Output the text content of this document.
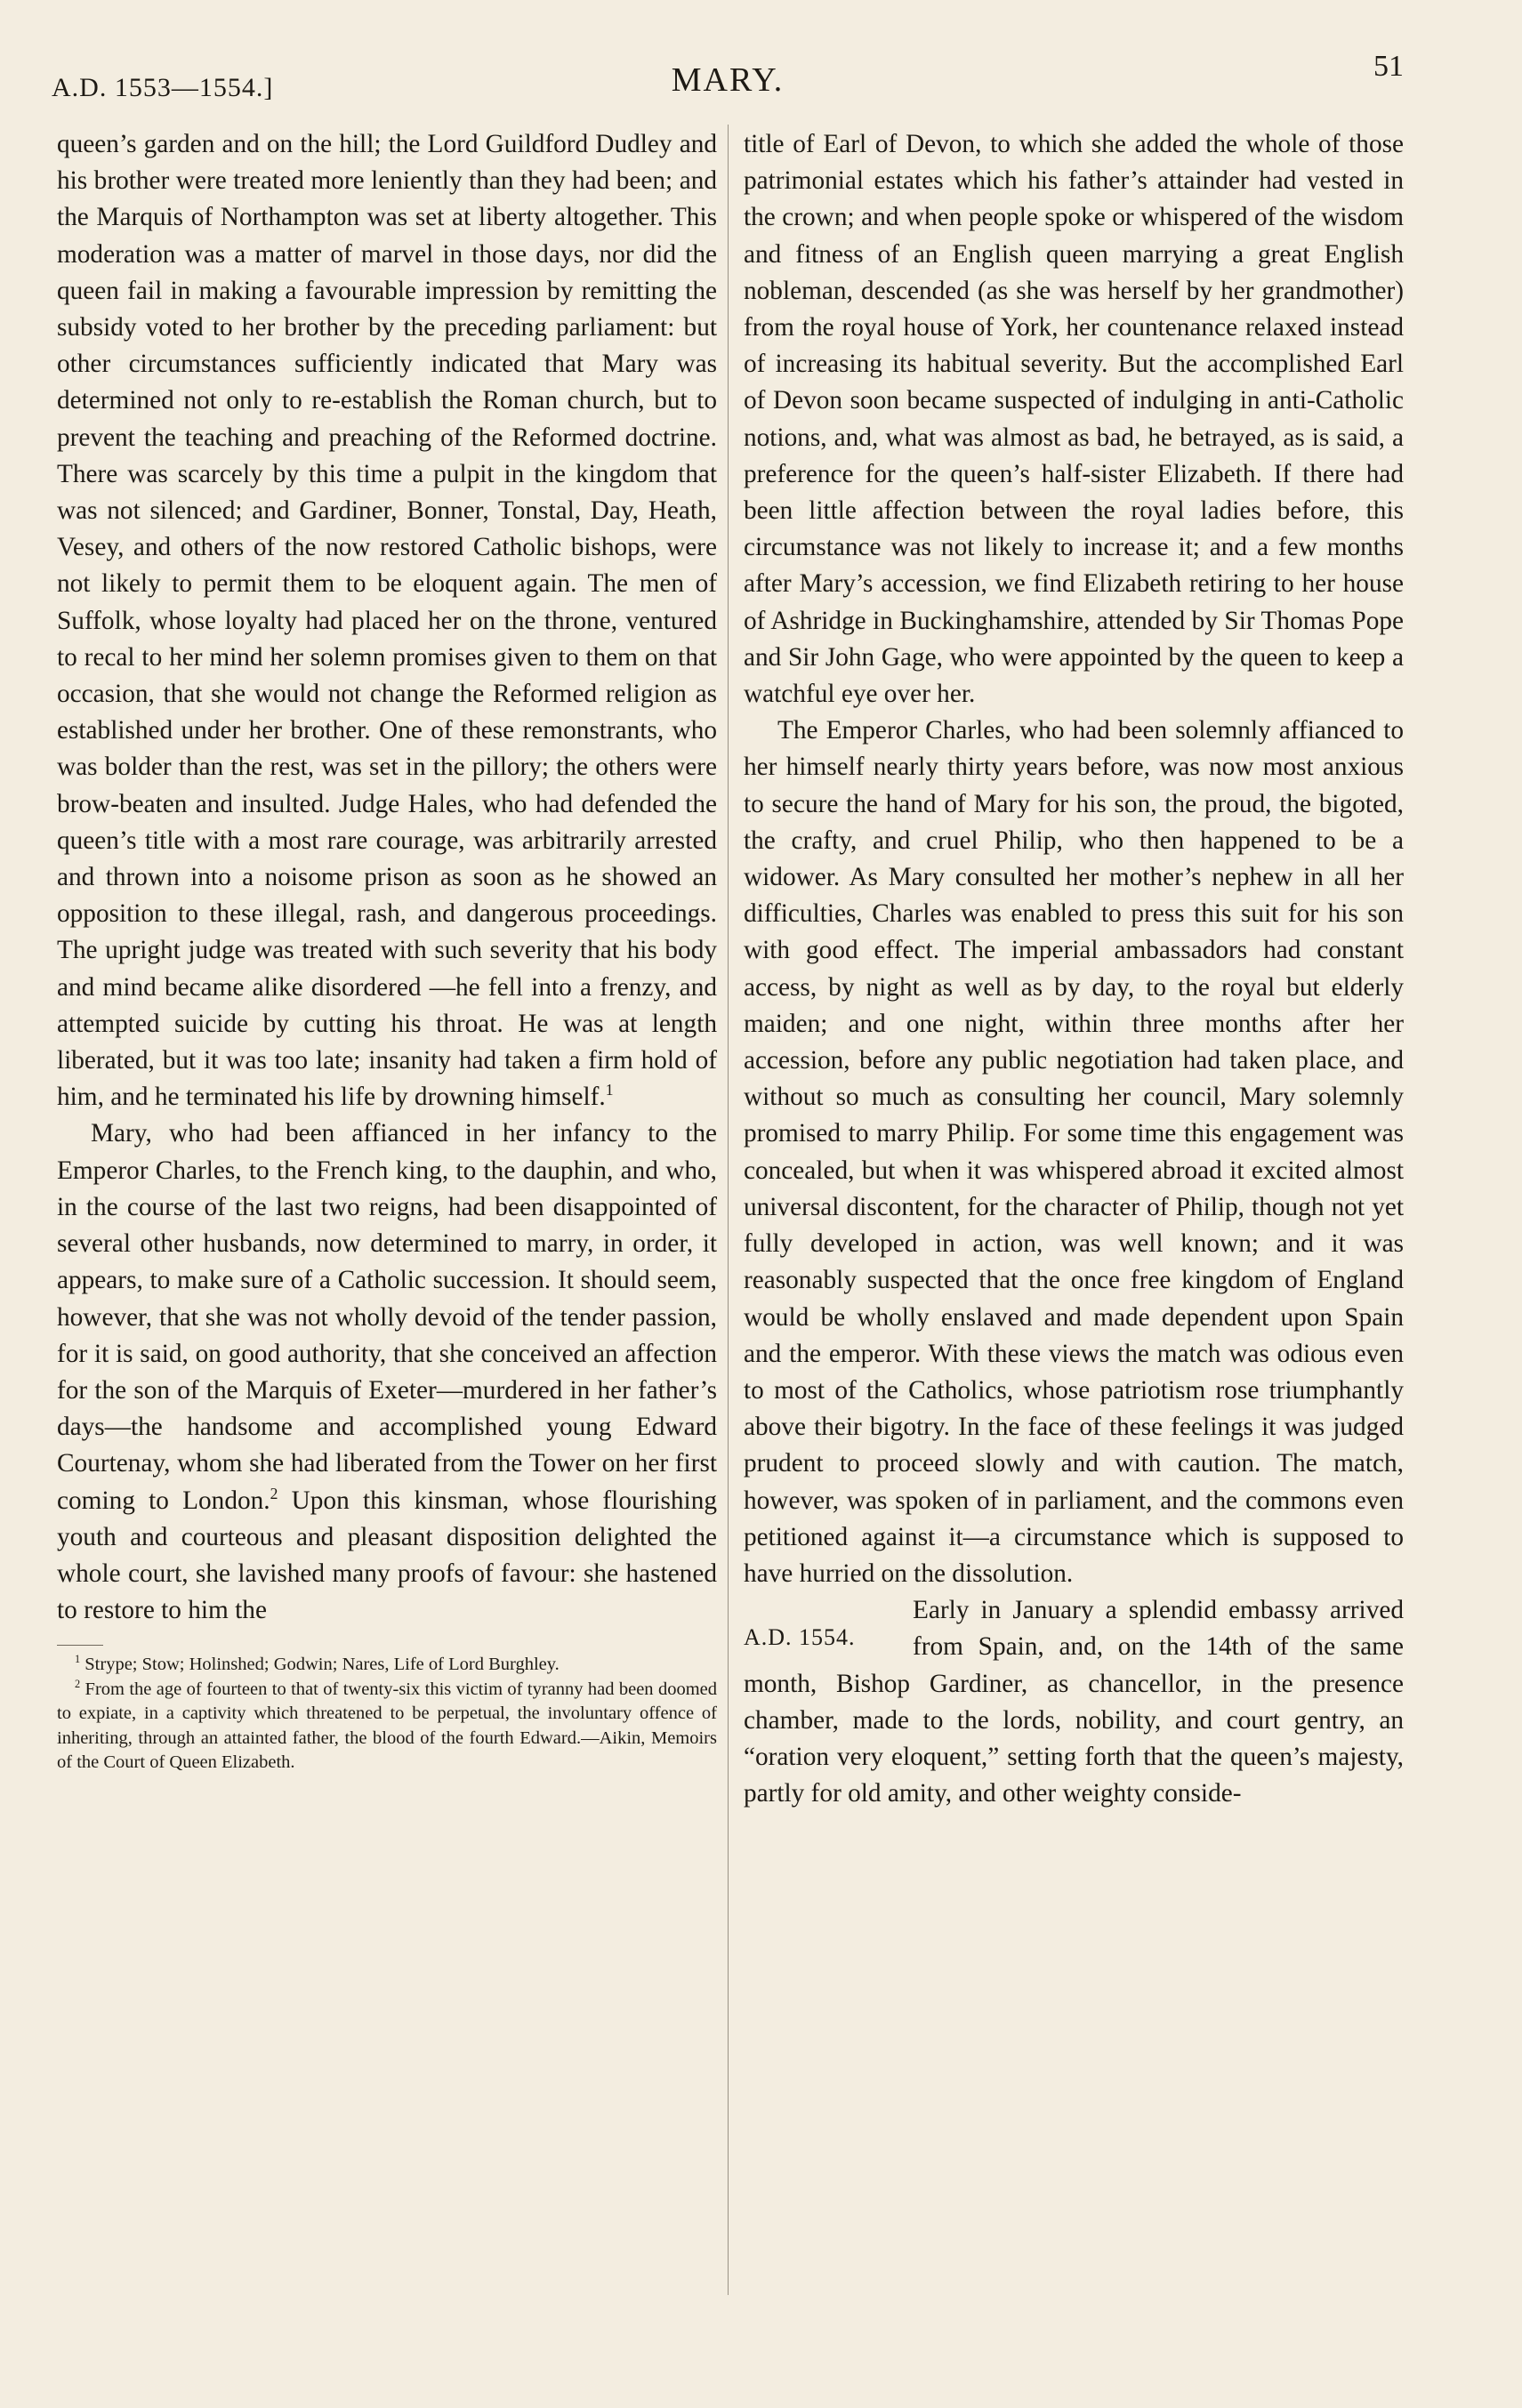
A.D. 1553—1554.]	MARY.	51

queen’s garden and on the hill; the Lord Guildford Dudley and his brother were treated more leniently than they had been; and the Marquis of Northampton was set at liberty altogether. This moderation was a matter of marvel in those days, nor did the queen fail in making a favourable impression by remitting the subsidy voted to her brother by the preceding parliament: but other circumstances sufficiently indicated that Mary was determined not only to re-establish the Roman church, but to prevent the teaching and preaching of the Reformed doctrine. There was scarcely by this time a pulpit in the kingdom that was not silenced; and Gardiner, Bonner, Tonstal, Day, Heath, Vesey, and others of the now restored Catholic bishops, were not likely to permit them to be eloquent again. The men of Suffolk, whose loyalty had placed her on the throne, ventured to recal to her mind her solemn promises given to them on that occasion, that she would not change the Reformed religion as established under her brother. One of these remonstrants, who was bolder than the rest, was set in the pillory; the others were brow-beaten and insulted. Judge Hales, who had defended the queen’s title with a most rare courage, was arbitrarily arrested and thrown into a noisome prison as soon as he showed an opposition to these illegal, rash, and dangerous proceedings. The upright judge was treated with such severity that his body and mind became alike disordered —he fell into a frenzy, and attempted suicide by cutting his throat. He was at length liberated, but it was too late; insanity had taken a firm hold of him, and he terminated his life by drowning himself.$^1$

Mary, who had been affianced in her infancy to the Emperor Charles, to the French king, to the dauphin, and who, in the course of the last two reigns, had been disappointed of several other husbands, now determined to marry, in order, it appears, to make sure of a Catholic succession. It should seem, however, that she was not wholly devoid of the tender passion, for it is said, on good authority, that she conceived an affection for the son of the Marquis of Exeter—murdered in her father’s days—the handsome and accomplished young Edward Courtenay, whom she had liberated from the Tower on her first coming to London.$^2$ Upon this kinsman, whose flourishing youth and courteous and pleasant disposition delighted the whole court, she lavished many proofs of favour: she hastened to restore to him the

$^1$ Strype; Stow; Holinshed; Godwin; Nares, Life of Lord Burghley.

$^2$ From the age of fourteen to that of twenty-six this victim of tyranny had been doomed to expiate, in a captivity which threatened to be perpetual, the involuntary offence of inheriting, through an attainted father, the blood of the fourth Edward.—Aikin, Memoirs of the Court of Queen Elizabeth.

title of Earl of Devon, to which she added the whole of those patrimonial estates which his father’s attainder had vested in the crown; and when people spoke or whispered of the wisdom and fitness of an English queen marrying a great English nobleman, descended (as she was herself by her grandmother) from the royal house of York, her countenance relaxed instead of increasing its habitual severity. But the accomplished Earl of Devon soon became suspected of indulging in anti-Catholic notions, and, what was almost as bad, he betrayed, as is said, a preference for the queen’s half-sister Elizabeth. If there had been little affection between the royal ladies before, this circumstance was not likely to increase it; and a few months after Mary’s accession, we find Elizabeth retiring to her house of Ashridge in Buckinghamshire, attended by Sir Thomas Pope and Sir John Gage, who were appointed by the queen to keep a watchful eye over her.

The Emperor Charles, who had been solemnly affianced to her himself nearly thirty years before, was now most anxious to secure the hand of Mary for his son, the proud, the bigoted, the crafty, and cruel Philip, who then happened to be a widower. As Mary consulted her mother’s nephew in all her difficulties, Charles was enabled to press this suit for his son with good effect. The imperial ambassadors had constant access, by night as well as by day, to the royal but elderly maiden; and one night, within three months after her accession, before any public negotiation had taken place, and without so much as consulting her council, Mary solemnly promised to marry Philip. For some time this engagement was concealed, but when it was whispered abroad it excited almost universal discontent, for the character of Philip, though not yet fully developed in action, was well known; and it was reasonably suspected that the once free kingdom of England would be wholly enslaved and made dependent upon Spain and the emperor. With these views the match was odious even to most of the Catholics, whose patriotism rose triumphantly above their bigotry. In the face of these feelings it was judged prudent to proceed slowly and with caution. The match, however, was spoken of in parliament, and the commons even petitioned against it—a circumstance which is supposed to have hurried on the dissolution.

A.D. 1554.

Early in January a splendid embassy arrived from Spain, and, on the 14th of the same month, Bishop Gardiner, as chancellor, in the presence chamber, made to the lords, nobility, and court gentry, an “oration very eloquent,” setting forth that the queen’s majesty, partly for old amity, and other weighty conside-
